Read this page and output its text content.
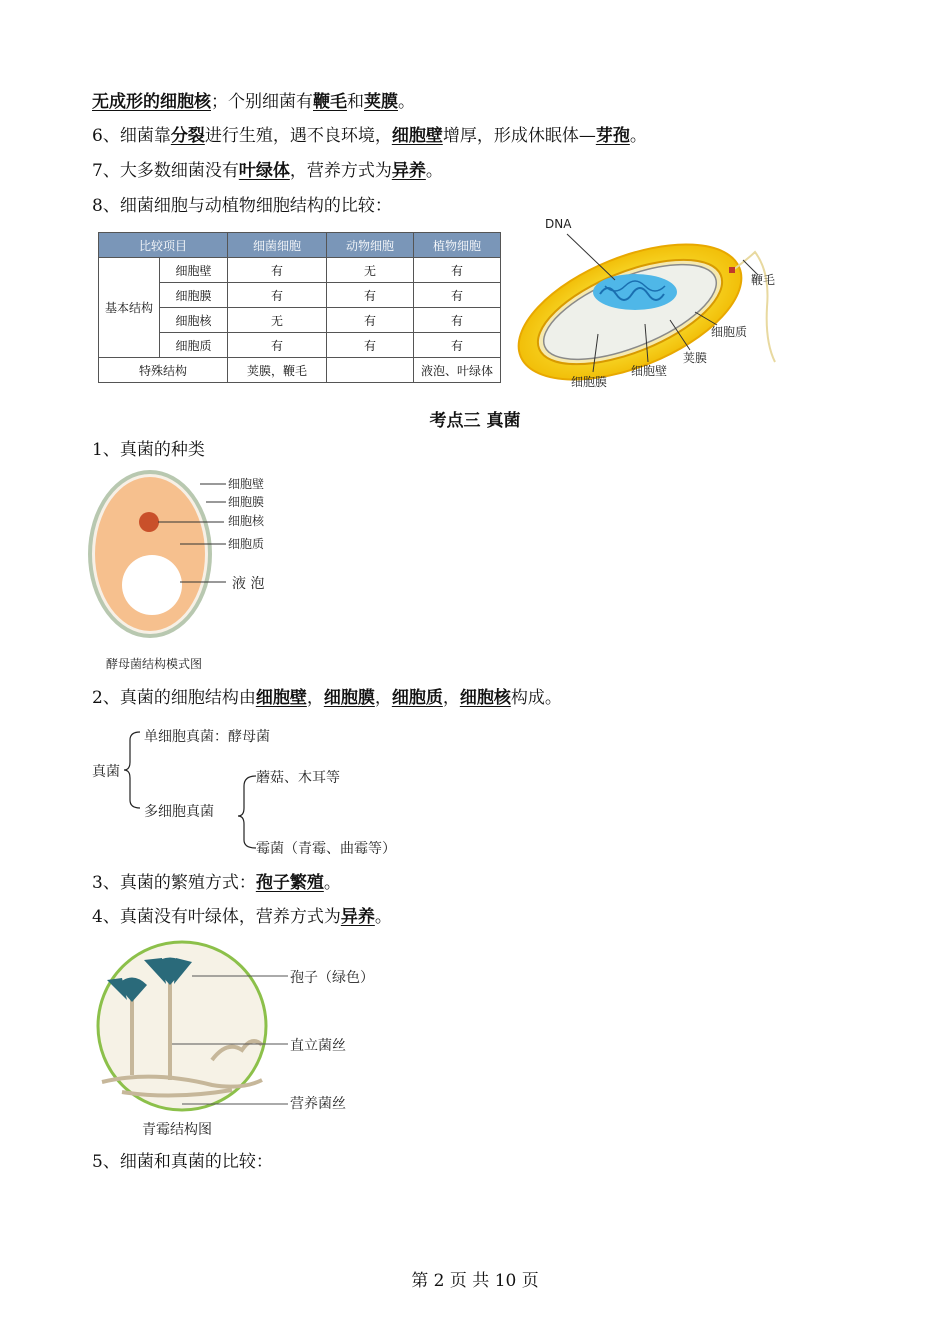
无成形的细胞核；个别细菌有鞭毛和荚膜。
6、细菌靠分裂进行生殖，遇不良环境，细胞壁增厚，形成休眠体—芽孢。
7、大多数细菌没有叶绿体，营养方式为异养。
8、细菌细胞与动植物细胞结构的比较：
比较项目		细菌细胞	动物细胞	植物细胞
基本结构	细胞壁	有	无	有
	细胞膜	有	有	有
	细胞核	无	有	有
	细胞质	有	有	有
特殊结构		荚膜，鞭毛		液泡、叶绿体
DNA
鞭毛
细胞质
荚膜
细胞壁
细胞膜
考点三 真菌
1、真菌的种类
细胞壁
细胞膜
细胞核
细胞质
液 泡
酵母菌结构模式图
2、真菌的细胞结构由细胞壁，细胞膜，细胞质，细胞核构成。
真菌
单细胞真菌：酵母菌
多细胞真菌
蘑菇、木耳等
霉菌（青霉、曲霉等）
3、真菌的繁殖方式：孢子繁殖。
4、真菌没有叶绿体，营养方式为异养。
孢子（绿色）
直立菌丝
营养菌丝
青霉结构图
5、细菌和真菌的比较：
第 2 页 共 10 页
